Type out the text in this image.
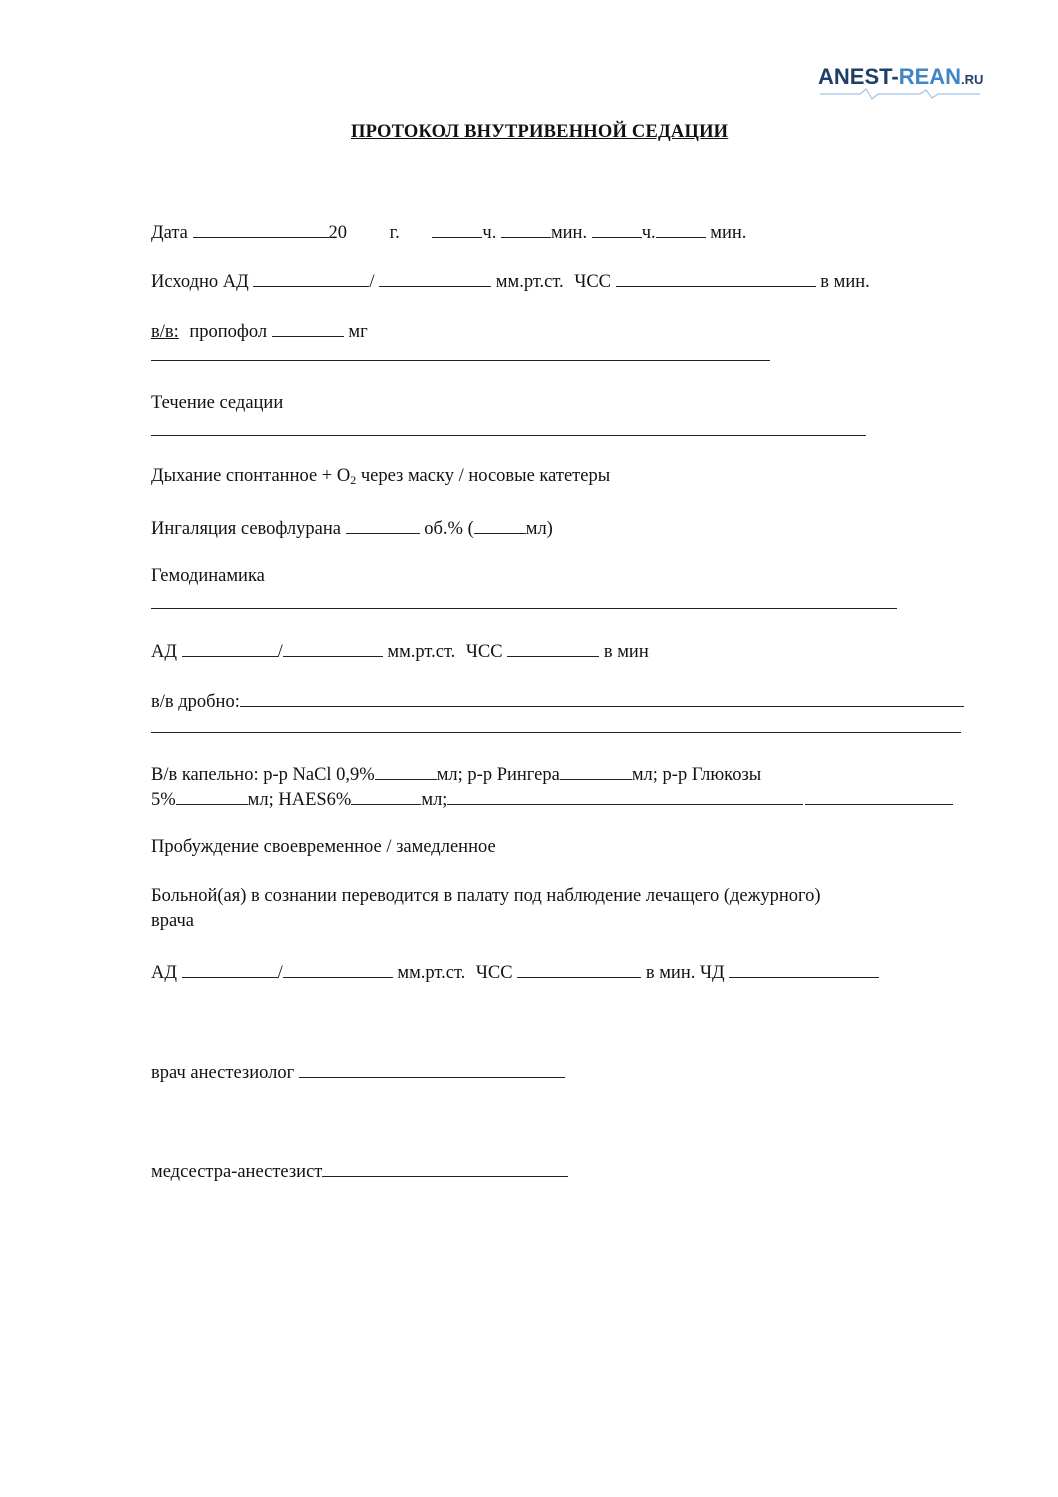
ANEST-REAN.RU
ПРОТОКОЛ ВНУТРИВЕННОЙ СЕДАЦИИ
Дата	20 г.	ч.	мин.	ч.	мин.
Исходно АД	/	мм.рт.ст. ЧСС	в мин.
в/в: пропофол	мг
Течение седации
Дыхание спонтанное + $О_2$ через маску / носовые катетеры
Ингаляция севофлурана	об.% (	мл)
Гемодинамика
АД	/	мм.рт.ст. ЧСС	в мин
в/в дробно:
В/в капельно: р-р NaCl 0,9%	мл; р-р Рингера	мл; р-р Глюкозы
5%	мл; HAES6%	мл;
Пробуждение своевременное / замедленное
Больной(ая) в сознании переводится в палату под наблюдение лечащего (дежурного)
врача
АД	/	мм.рт.ст. ЧСС	в мин. ЧД
врач анестезиолог
медсестра-анестезист
